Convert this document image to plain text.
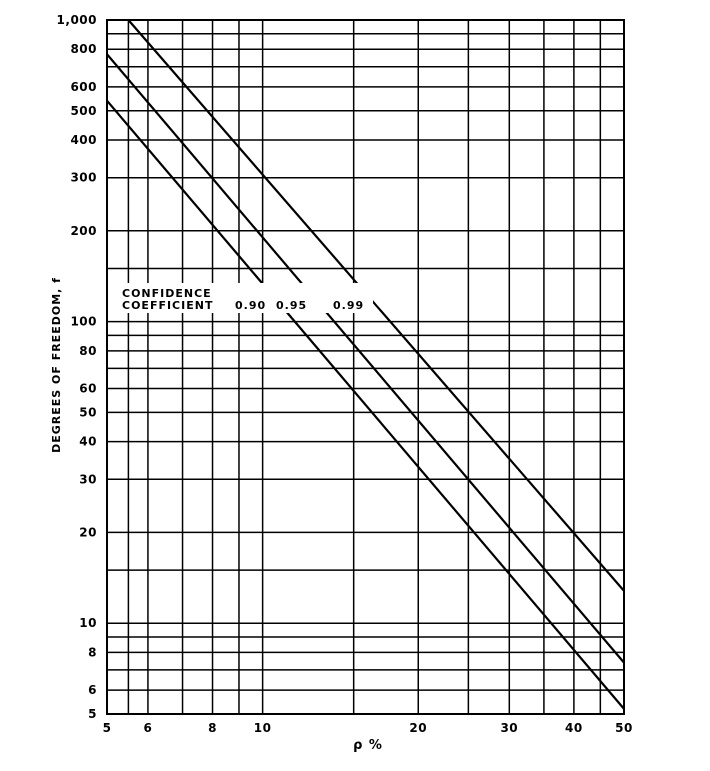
5	6	8	10	20	30	40	50
5
6
8
10
20
30
40
50
60
80
100
200
300
400
500
600
800
1,000
CONFIDENCE
COEFFICIENT 0.90 0.95 0.99
ρ %
DEGREES OF FREEDOM, f
